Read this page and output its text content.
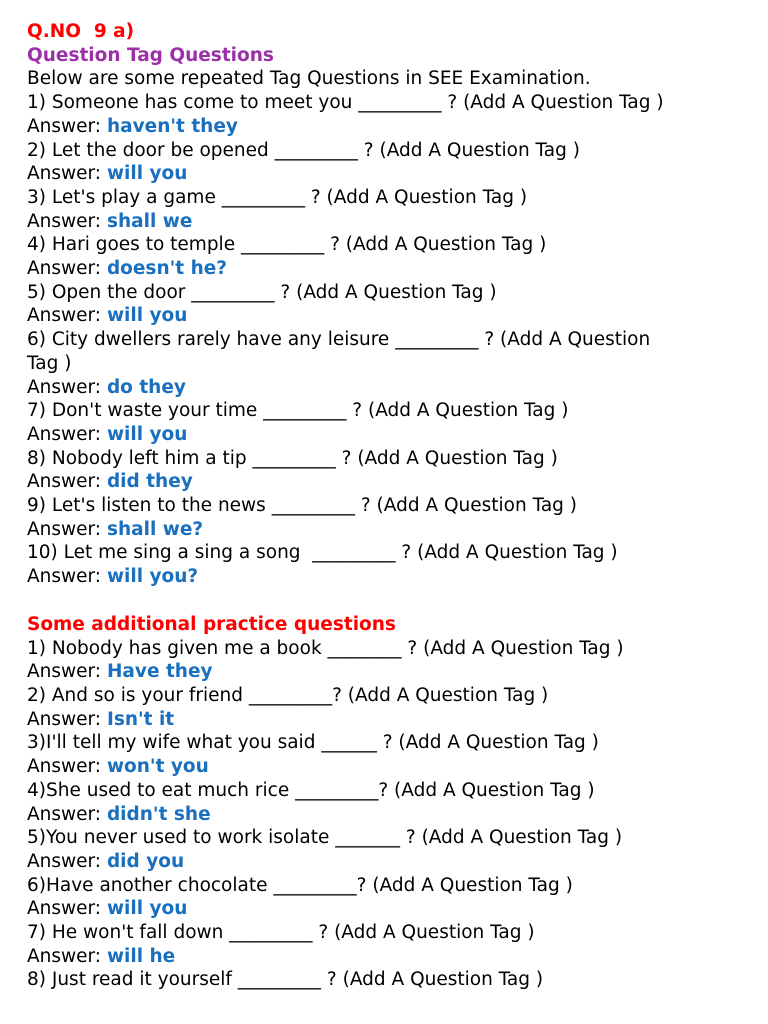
Q.NO  9 a)
Question Tag Questions
Below are some repeated Tag Questions in SEE Examination.
1) Someone has come to meet you _________ ? (Add A Question Tag )
Answer: haven't they
2) Let the door be opened _________ ? (Add A Question Tag )
Answer: will you
3) Let's play a game _________ ? (Add A Question Tag )
Answer: shall we
4) Hari goes to temple _________ ? (Add A Question Tag )
Answer: doesn't he?
5) Open the door _________ ? (Add A Question Tag )
Answer: will you
6) City dwellers rarely have any leisure _________ ? (Add A Question
Tag )
Answer: do they
7) Don't waste your time _________ ? (Add A Question Tag )
Answer: will you
8) Nobody left him a tip _________ ? (Add A Question Tag )
Answer: did they
9) Let's listen to the news _________ ? (Add A Question Tag )
Answer: shall we?
10) Let me sing a sing a song  _________ ? (Add A Question Tag )
Answer: will you?
Some additional practice questions
1) Nobody has given me a book ________ ? (Add A Question Tag )
Answer: Have they
2) And so is your friend _________? (Add A Question Tag )
Answer: Isn't it
3)I'll tell my wife what you said ______ ? (Add A Question Tag )
Answer: won't you
4)She used to eat much rice _________? (Add A Question Tag )
Answer: didn't she
5)You never used to work isolate _______ ? (Add A Question Tag )
Answer: did you
6)Have another chocolate _________? (Add A Question Tag )
Answer: will you
7) He won't fall down _________ ? (Add A Question Tag )
Answer: will he
8) Just read it yourself _________ ? (Add A Question Tag )
